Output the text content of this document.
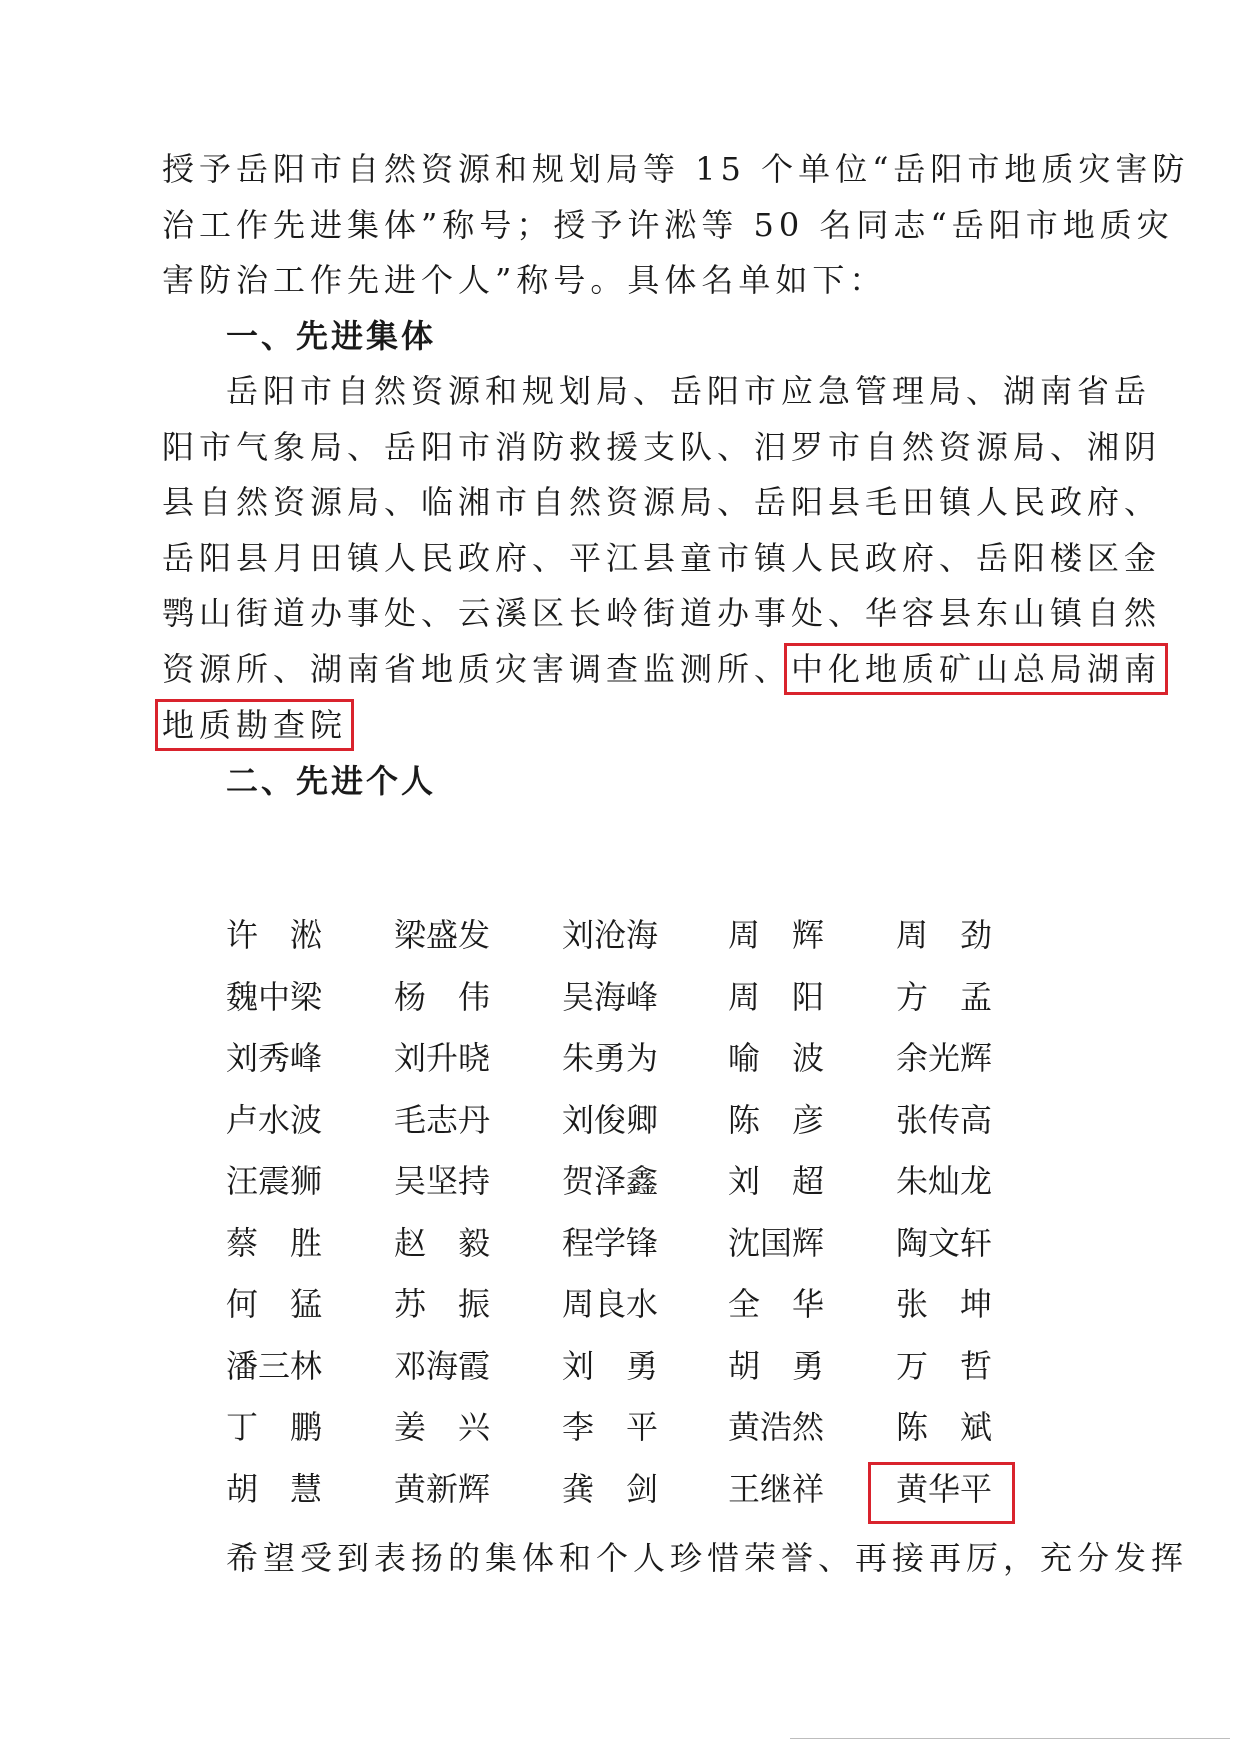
授予岳阳市自然资源和规划局等 15 个单位“岳阳市地质灾害防
治工作先进集体”称号；授予许淞等 50 名同志“岳阳市地质灾
害防治工作先进个人”称号。具体名单如下：
一、先进集体
岳阳市自然资源和规划局、岳阳市应急管理局、湖南省岳
阳市气象局、岳阳市消防救援支队、汨罗市自然资源局、湘阴
县自然资源局、临湘市自然资源局、岳阳县毛田镇人民政府、
岳阳县月田镇人民政府、平江县童市镇人民政府、岳阳楼区金
鹗山街道办事处、云溪区长岭街道办事处、华容县东山镇自然
资源所、湖南省地质灾害调查监测所、中化地质矿山总局湖南
地质勘查院
二、先进个人
许　淞 梁盛发 刘沧海 周　辉 周　劲
魏中梁 杨　伟 吴海峰 周　阳 方　孟
刘秀峰 刘升晓 朱勇为 喻　波 余光辉
卢水波 毛志丹 刘俊卿 陈　彦 张传高
汪震狮 吴坚持 贺泽鑫 刘　超 朱灿龙
蔡　胜 赵　毅 程学锋 沈国辉 陶文轩
何　猛 苏　振 周良水 全　华 张　坤
潘三林 邓海霞 刘　勇 胡　勇 万　哲
丁　鹏 姜　兴 李　平 黄浩然 陈　斌
胡　慧 黄新辉 龚　剑 王继祥 黄华平
希望受到表扬的集体和个人珍惜荣誉、再接再厉，充分发挥
